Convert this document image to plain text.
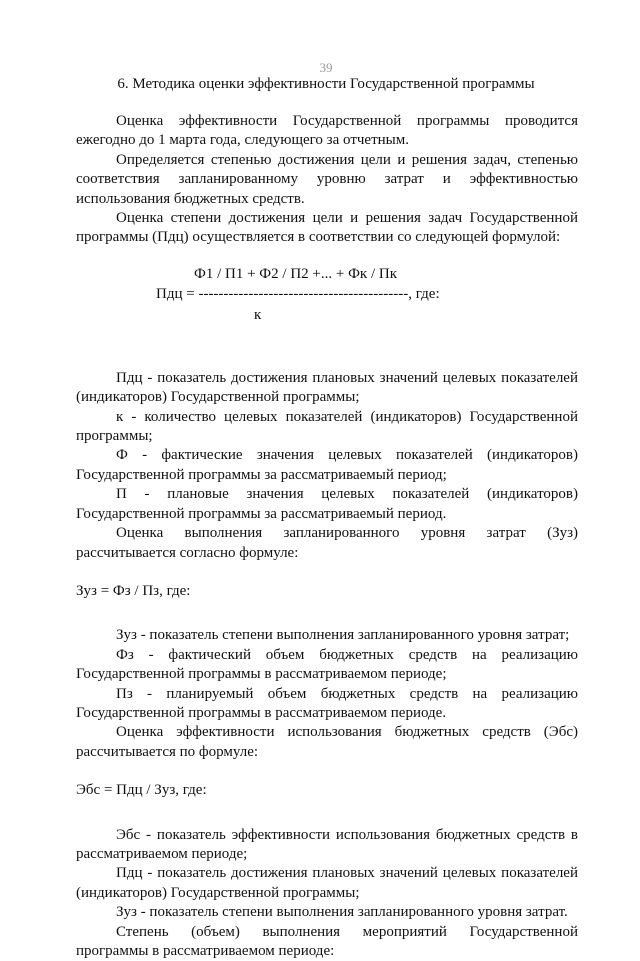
39
6. Методика оценки эффективности Государственной программы

Оценка эффективности Государственной программы проводится ежегодно до 1 марта года, следующего за отчетным.

Определяется степенью достижения цели и решения задач, степенью соответствия запланированному уровню затрат и эффективностью использования бюджетных средств.

Оценка степени достижения цели и решения задач Государственной программы (Пдц) осуществляется в соответствии со следующей формулой:

Ф1 / П1 + Ф2 / П2 +... + Фк / Пк
Пдц = ------------------------------------------, где:
к

Пдц - показатель достижения плановых значений целевых показателей (индикаторов) Государственной программы;

к - количество целевых показателей (индикаторов) Государственной программы;

Ф - фактические значения целевых показателей (индикаторов) Государственной программы за рассматриваемый период;

П - плановые значения целевых показателей (индикаторов) Государственной программы за рассматриваемый период.

Оценка выполнения запланированного уровня затрат (Зуз) рассчитывается согласно формуле:

Зуз = Фз / Пз, где:

Зуз - показатель степени выполнения запланированного уровня затрат;

Фз - фактический объем бюджетных средств на реализацию Государственной программы в рассматриваемом периоде;

Пз - планируемый объем бюджетных средств на реализацию Государственной программы в рассматриваемом периоде.

Оценка эффективности использования бюджетных средств (Эбс) рассчитывается по формуле:

Эбс = Пдц / Зуз, где:

Эбс - показатель эффективности использования бюджетных средств в рассматриваемом периоде;

Пдц - показатель достижения плановых значений целевых показателей (индикаторов) Государственной программы;

Зуз - показатель степени выполнения запланированного уровня затрат.

Степень (объем) выполнения мероприятий Государственной программы в рассматриваемом периоде:
